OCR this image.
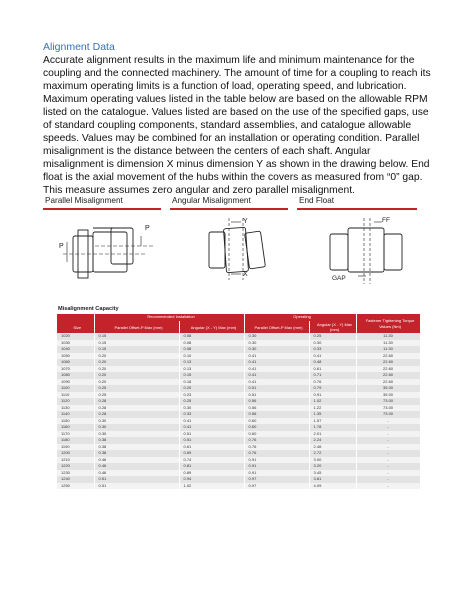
Alignment Data
Accurate alignment results in the maximum life and minimum maintenance for the coupling and the connected machinery. The amount of time for a coupling to reach its maximum operating limits is a function of load, operating speed, and lubrication. Maximum operating values listed in the table below are based on the allowable RPM listed on the catalogue. Values listed are based on the use of the specified gaps, use of standard coupling components, standard assemblies, and catalogue allowable speeds. Values may be combined for an installation or operating condition. Parallel misalignment is the distance between the centers of each shaft. Angular misalignment is dimension X minus dimension Y as shown in the drawing below. End float is the axial movement of the hubs within the covers as measured from “0” gap. This measure assumes zero angular and zero parallel misalignment.
Parallel Misalignment	Angular Misalignment	End Float
P
P
Y
X
FF
GAP
Misalignment Capacity
	Recommended Installation		Operating		Fastener Tightening Torque Values (Nm)
Size	Parallel Offset-P Max (mm)	Angular (X - Y) Max (mm)	Parallel Offset-P Max (mm)	Angular (X - Y) Max (mm)	
1020	0.15	0.08	0.30	0.25	11.30
1030	0.15	0.08	0.30	0.30	11.30
1040	0.15	0.08	0.30	0.33	11.30
1050	0.20	0.10	0.41	0.41	22.60
1060	0.20	0.13	0.41	0.48	22.60
1070	0.20	0.13	0.41	0.61	22.60
1080	0.20	0.15	0.41	0.71	22.60
1090	0.20	0.18	0.41	0.76	22.60
1100	0.25	0.20	0.51	0.79	35.00
1110	0.25	0.23	0.51	0.91	35.00
1120	0.28	0.25	0.56	1.02	73.00
1130	0.28	0.30	0.56	1.22	73.00
1140	0.28	0.33	0.56	1.35	73.00
1150	0.30	0.41	0.60	1.57	-
1160	0.30	0.41	0.60	1.78	-
1170	0.30	0.51	0.60	2.01	-
1180	0.38	0.51	0.76	2.24	-
1190	0.38	0.61	0.76	2.46	-
1200	0.38	0.69	0.76	2.72	-
1210	0.46	0.74	0.91	3.00	-
1220	0.46	0.81	0.91	3.20	-
1230	0.46	0.89	0.91	3.45	-
1240	0.51	0.94	0.97	3.81	-
1250	0.51	1.02	0.97	4.09	-
